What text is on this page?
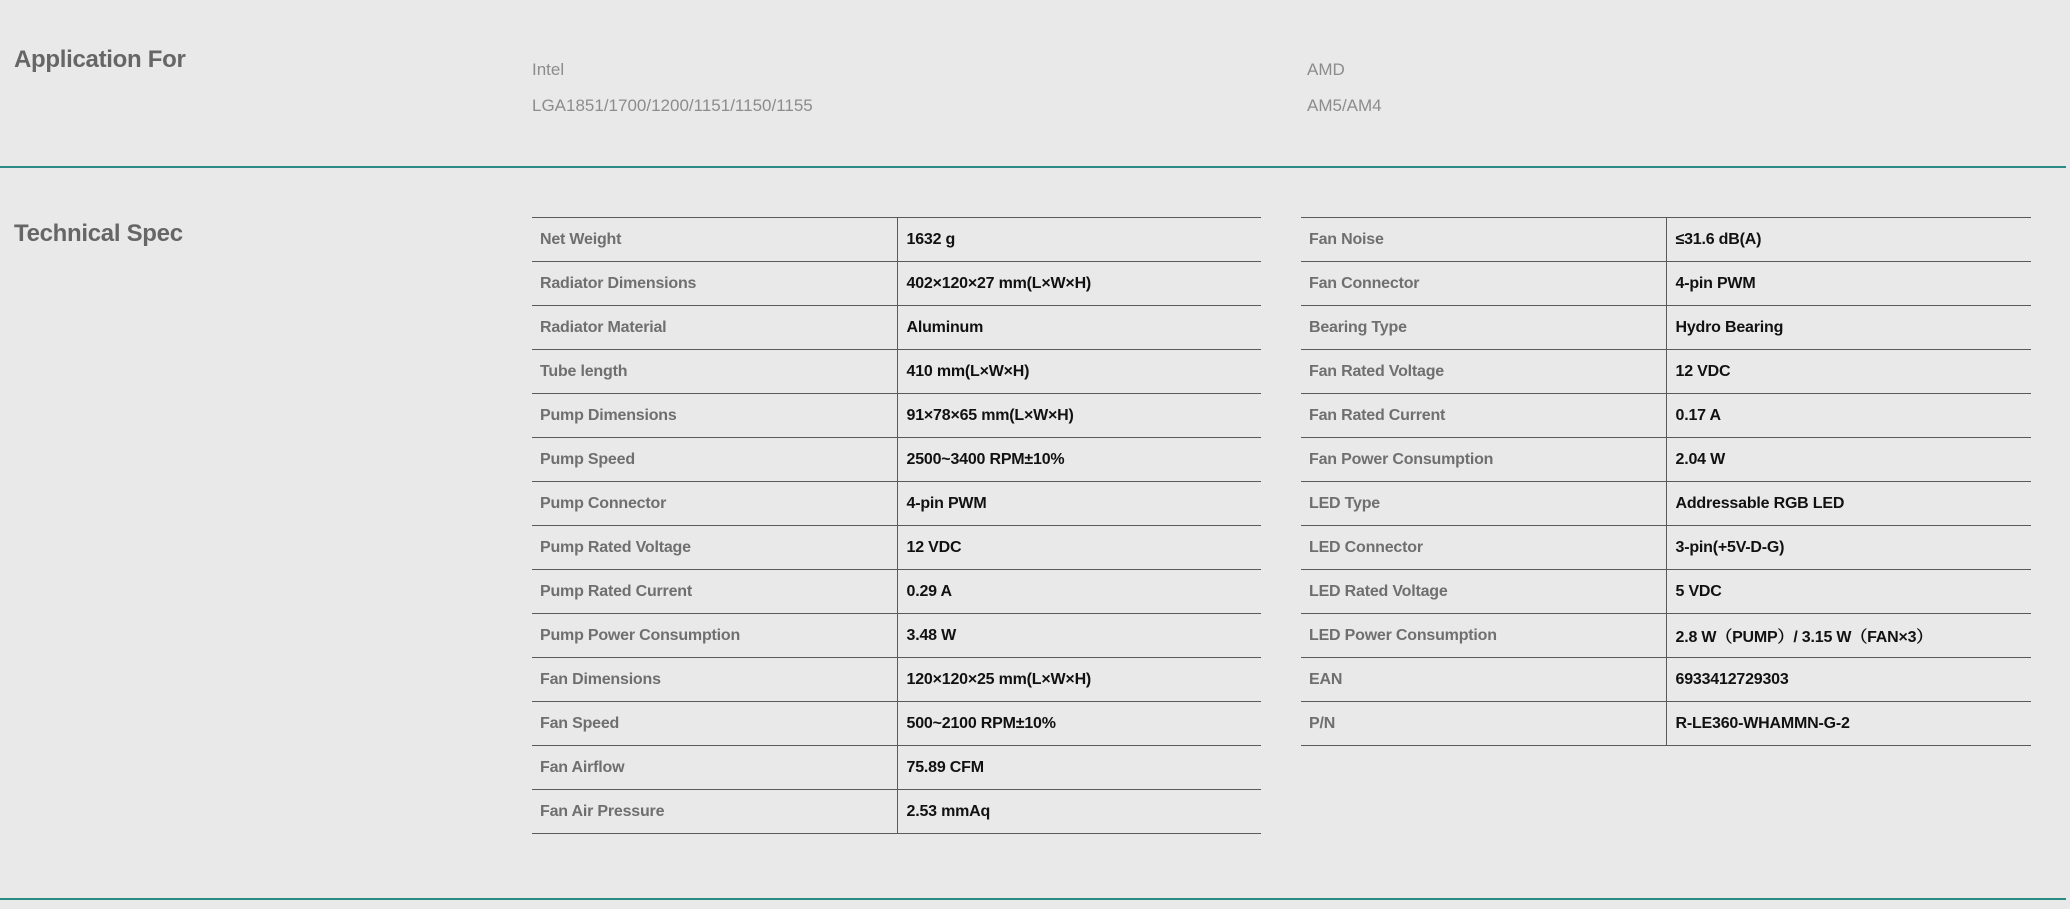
Application For	Intel
LGA1851/1700/1200/1151/1150/1155
AMD
AM5/AM4
Technical Spec	Net Weight	1632 g
Radiator Dimensions	402×120×27 mm(L×W×H)
Radiator Material	Aluminum
Tube length	410 mm(L×W×H)
Pump Dimensions	91×78×65 mm(L×W×H)
Pump Speed	2500~3400 RPM±10%
Pump Connector	4-pin PWM
Pump Rated Voltage	12 VDC
Pump Rated Current	0.29 A
Pump Power Consumption	3.48 W
Fan Dimensions	120×120×25 mm(L×W×H)
Fan Speed	500~2100 RPM±10%
Fan Airflow	75.89 CFM
Fan Air Pressure	2.53 mmAq
Fan Noise	≤31.6 dB(A)
Fan Connector	4-pin PWM
Bearing Type	Hydro Bearing
Fan Rated Voltage	12 VDC
Fan Rated Current	0.17 A
Fan Power Consumption	2.04 W
LED Type	Addressable RGB LED
LED Connector	3-pin(+5V-D-G)
LED Rated Voltage	5 VDC
LED Power Consumption	2.8 W（PUMP）/ 3.15 W（FAN×3）
EAN	6933412729303
P/N	R-LE360-WHAMMN-G-2
